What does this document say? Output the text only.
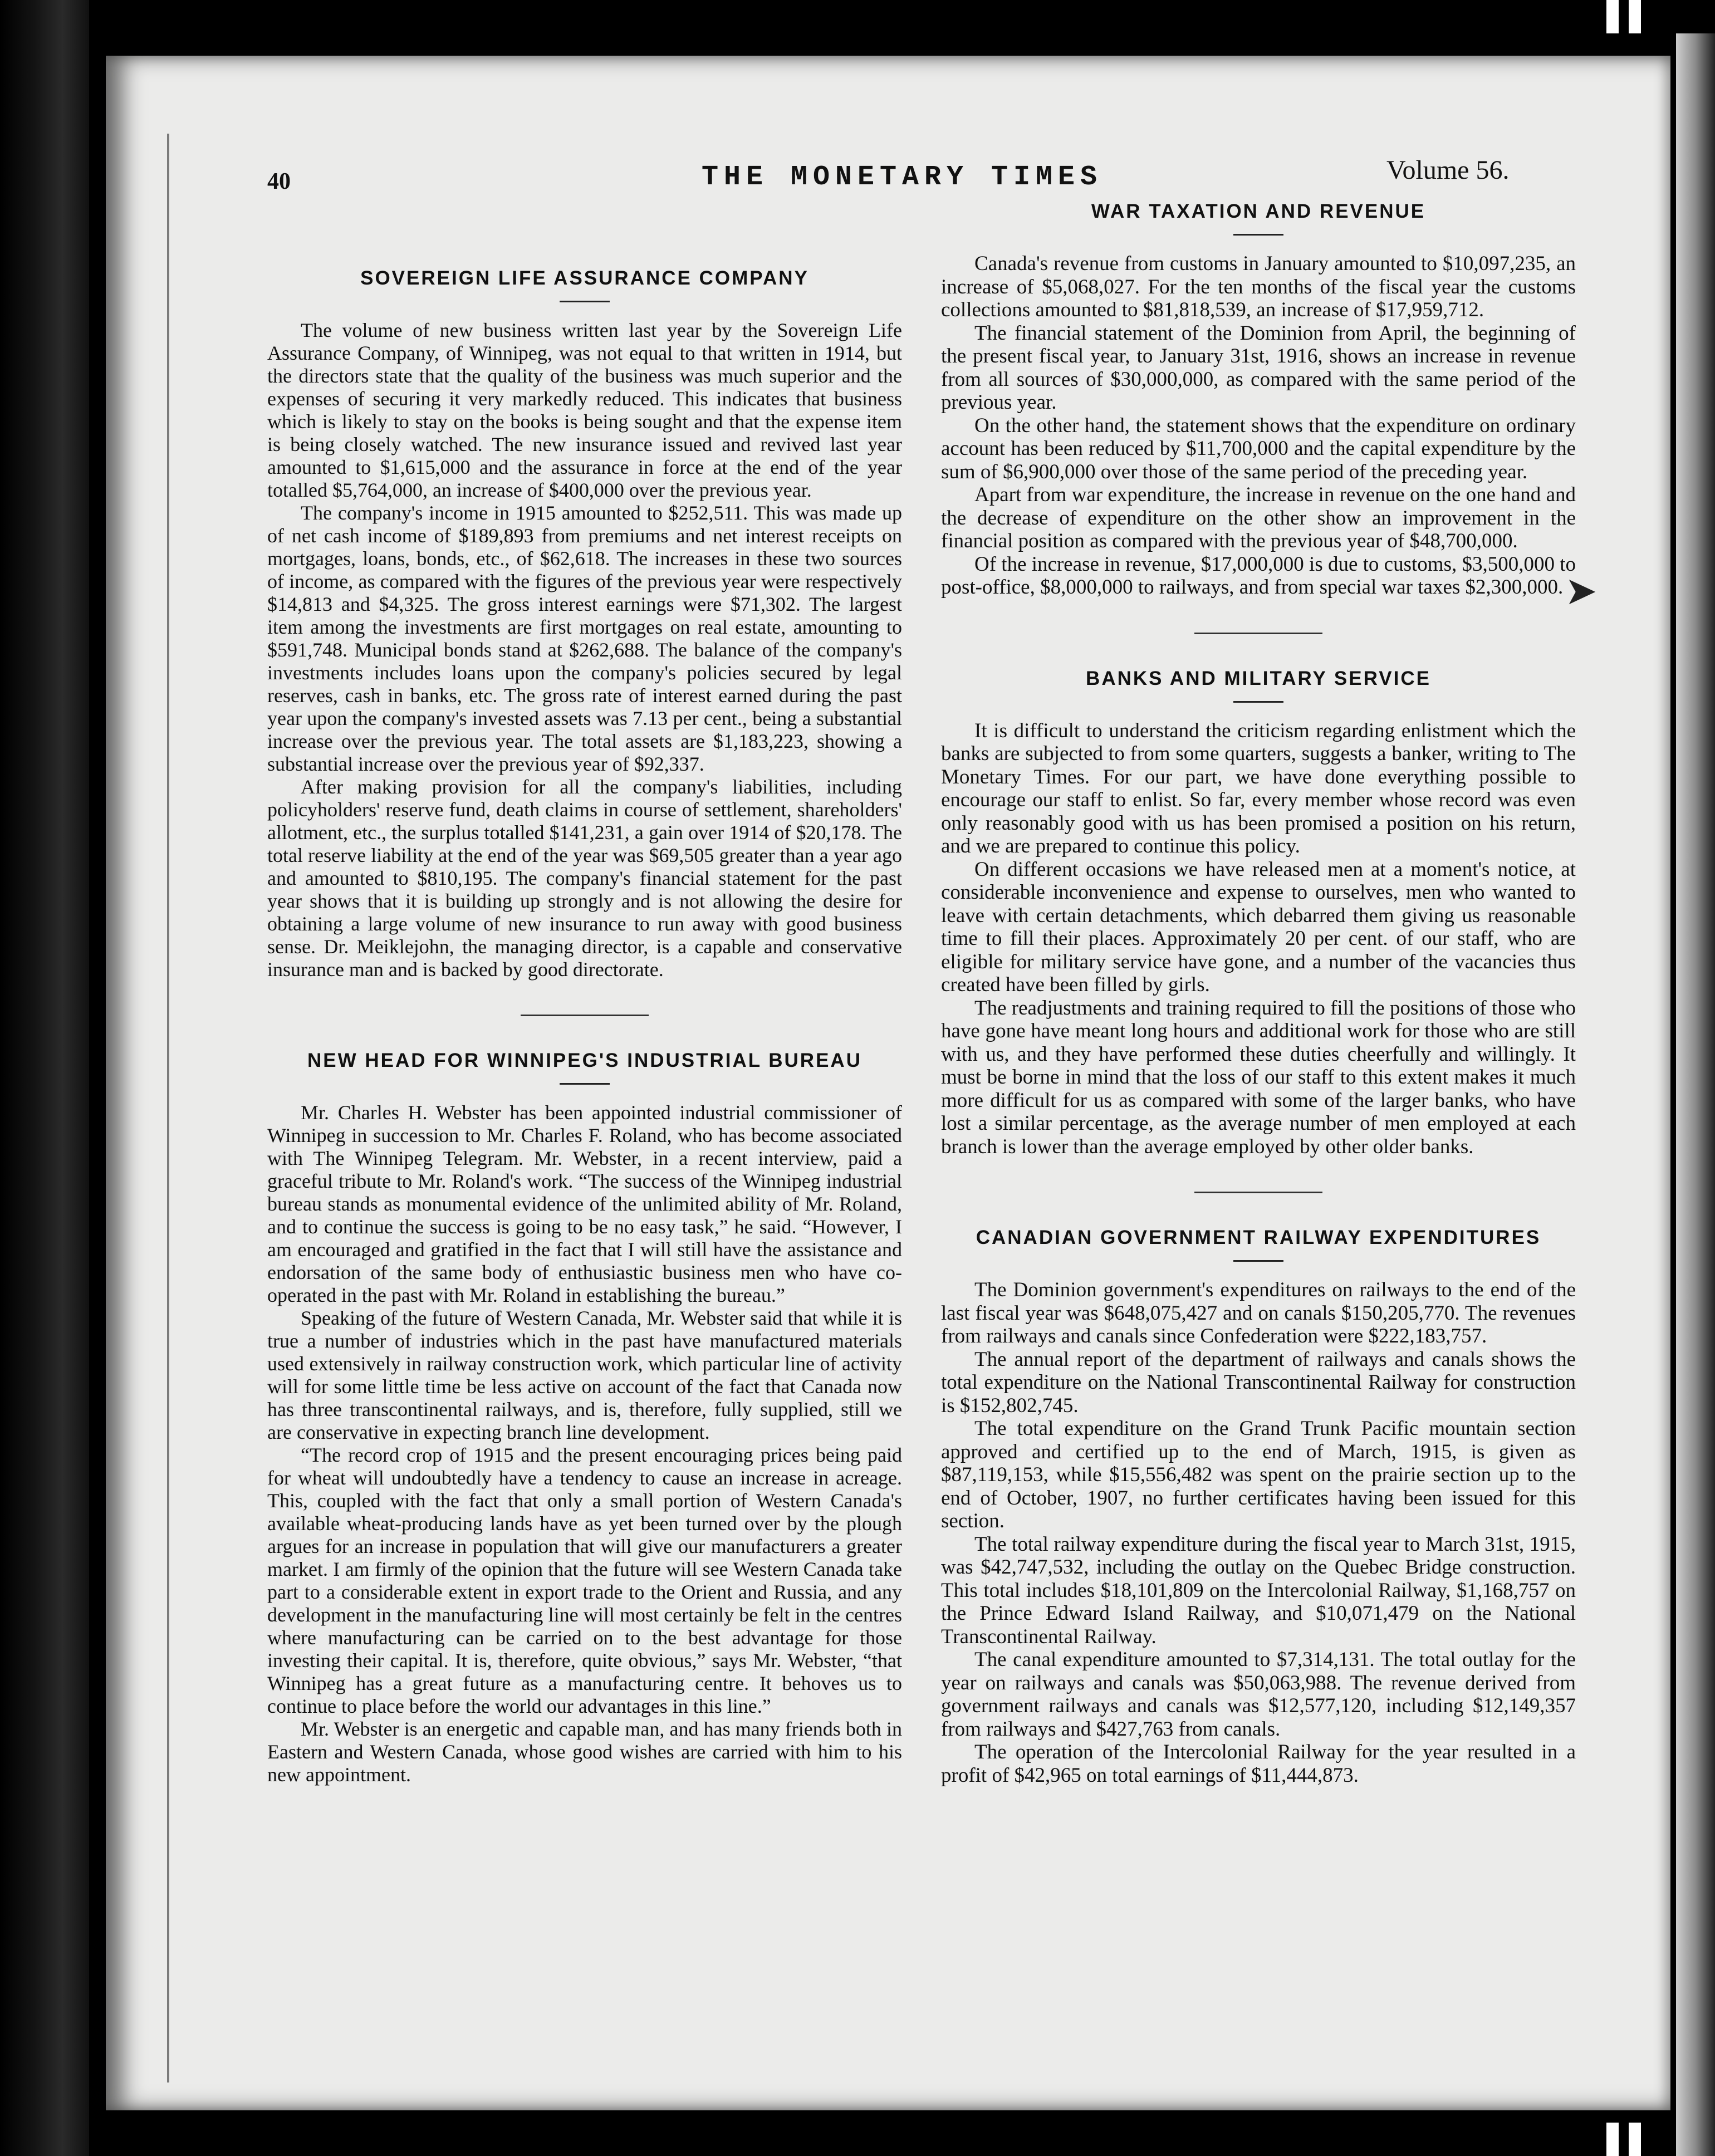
40	THE MONETARY TIMES	Volume 56.
SOVEREIGN LIFE ASSURANCE COMPANY

The volume of new business written last year by the Sovereign Life Assurance Company, of Winnipeg, was not equal to that written in 1914, but the directors state that the quality of the business was much superior and the expenses of securing it very markedly reduced. This indicates that business which is likely to stay on the books is being sought and that the expense item is being closely watched. The new insurance issued and revived last year amounted to $1,615,000 and the assurance in force at the end of the year totalled $5,764,000, an increase of $400,000 over the previous year.

The company's income in 1915 amounted to $252,511. This was made up of net cash income of $189,893 from premiums and net interest receipts on mortgages, loans, bonds, etc., of $62,618. The increases in these two sources of income, as compared with the figures of the previous year were respectively $14,813 and $4,325. The gross interest earnings were $71,302. The largest item among the investments are first mortgages on real estate, amounting to $591,748. Municipal bonds stand at $262,688. The balance of the company's investments includes loans upon the company's policies secured by legal reserves, cash in banks, etc. The gross rate of interest earned during the past year upon the company's invested assets was 7.13 per cent., being a substantial increase over the previous year. The total assets are $1,183,223, showing a substantial increase over the previous year of $92,337.

After making provision for all the company's liabilities, including policyholders' reserve fund, death claims in course of settlement, shareholders' allotment, etc., the surplus totalled $141,231, a gain over 1914 of $20,178. The total reserve liability at the end of the year was $69,505 greater than a year ago and amounted to $810,195. The company's financial statement for the past year shows that it is building up strongly and is not allowing the desire for obtaining a large volume of new insurance to run away with good business sense. Dr. Meiklejohn, the managing director, is a capable and conservative insurance man and is backed by good directorate.

NEW HEAD FOR WINNIPEG'S INDUSTRIAL BUREAU

Mr. Charles H. Webster has been appointed industrial commissioner of Winnipeg in succession to Mr. Charles F. Roland, who has become associated with The Winnipeg Telegram. Mr. Webster, in a recent interview, paid a graceful tribute to Mr. Roland's work. “The success of the Winnipeg industrial bureau stands as monumental evidence of the unlimited ability of Mr. Roland, and to continue the success is going to be no easy task,” he said. “However, I am encouraged and gratified in the fact that I will still have the assistance and endorsation of the same body of enthusiastic business men who have co-operated in the past with Mr. Roland in establishing the bureau.”

Speaking of the future of Western Canada, Mr. Webster said that while it is true a number of industries which in the past have manufactured materials used extensively in railway construction work, which particular line of activity will for some little time be less active on account of the fact that Canada now has three transcontinental railways, and is, therefore, fully supplied, still we are conservative in expecting branch line development.

“The record crop of 1915 and the present encouraging prices being paid for wheat will undoubtedly have a tendency to cause an increase in acreage. This, coupled with the fact that only a small portion of Western Canada's available wheat-producing lands have as yet been turned over by the plough argues for an increase in population that will give our manufacturers a greater market. I am firmly of the opinion that the future will see Western Canada take part to a considerable extent in export trade to the Orient and Russia, and any development in the manufacturing line will most certainly be felt in the centres where manufacturing can be carried on to the best advantage for those investing their capital. It is, therefore, quite obvious,” says Mr. Webster, “that Winnipeg has a great future as a manufacturing centre. It behoves us to continue to place before the world our advantages in this line.”

Mr. Webster is an energetic and capable man, and has many friends both in Eastern and Western Canada, whose good wishes are carried with him to his new appointment.

WAR TAXATION AND REVENUE

Canada's revenue from customs in January amounted to $10,097,235, an increase of $5,068,027. For the ten months of the fiscal year the customs collections amounted to $81,818,539, an increase of $17,959,712.

The financial statement of the Dominion from April, the beginning of the present fiscal year, to January 31st, 1916, shows an increase in revenue from all sources of $30,000,000, as compared with the same period of the previous year.

On the other hand, the statement shows that the expenditure on ordinary account has been reduced by $11,700,000 and the capital expenditure by the sum of $6,900,000 over those of the same period of the preceding year.

Apart from war expenditure, the increase in revenue on the one hand and the decrease of expenditure on the other show an improvement in the financial position as compared with the previous year of $48,700,000.

Of the increase in revenue, $17,000,000 is due to customs, $3,500,000 to post-office, $8,000,000 to railways, and from special war taxes $2,300,000.

BANKS AND MILITARY SERVICE

It is difficult to understand the criticism regarding enlistment which the banks are subjected to from some quarters, suggests a banker, writing to The Monetary Times. For our part, we have done everything possible to encourage our staff to enlist. So far, every member whose record was even only reasonably good with us has been promised a position on his return, and we are prepared to continue this policy.

On different occasions we have released men at a moment's notice, at considerable inconvenience and expense to ourselves, men who wanted to leave with certain detachments, which debarred them giving us reasonable time to fill their places. Approximately 20 per cent. of our staff, who are eligible for military service have gone, and a number of the vacancies thus created have been filled by girls.

The readjustments and training required to fill the positions of those who have gone have meant long hours and additional work for those who are still with us, and they have performed these duties cheerfully and willingly. It must be borne in mind that the loss of our staff to this extent makes it much more difficult for us as compared with some of the larger banks, who have lost a similar percentage, as the average number of men employed at each branch is lower than the average employed by other older banks.

CANADIAN GOVERNMENT RAILWAY EXPENDITURES

The Dominion government's expenditures on railways to the end of the last fiscal year was $648,075,427 and on canals $150,205,770. The revenues from railways and canals since Confederation were $222,183,757.

The annual report of the department of railways and canals shows the total expenditure on the National Transcontinental Railway for construction is $152,802,745.

The total expenditure on the Grand Trunk Pacific mountain section approved and certified up to the end of March, 1915, is given as $87,119,153, while $15,556,482 was spent on the prairie section up to the end of October, 1907, no further certificates having been issued for this section.

The total railway expenditure during the fiscal year to March 31st, 1915, was $42,747,532, including the outlay on the Quebec Bridge construction. This total includes $18,101,809 on the Intercolonial Railway, $1,168,757 on the Prince Edward Island Railway, and $10,071,479 on the National Transcontinental Railway.

The canal expenditure amounted to $7,314,131. The total outlay for the year on railways and canals was $50,063,988. The revenue derived from government railways and canals was $12,577,120, including $12,149,357 from railways and $427,763 from canals.

The operation of the Intercolonial Railway for the year resulted in a profit of $42,965 on total earnings of $11,444,873.

➤
